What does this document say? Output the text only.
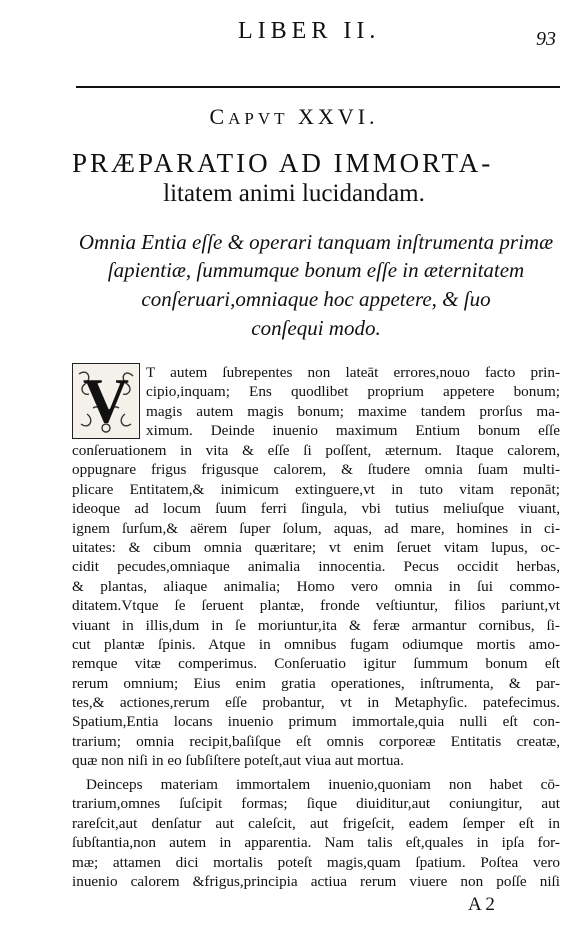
LIBER II.	93
CAPVT XXVI.
PRÆPARATIO AD IMMORTA-
litatem animi lucidandam.
Omnia Entia eſſe & operari tanquam inſtrumenta primæ
ſapientiæ, ſummumque bonum eſſe in æternitatem
conſeruari,omniaque hoc appetere, & ſuo
conſequi modo.
V	T autem ſubrepentes non lateāt errores,nouo facto prin-
cipio,inquam; Ens quodlibet proprium appetere bonum;
magis autem magis bonum; maxime tandem prorſus ma-
ximum. Deinde inuenio maximum Entium bonum eſſe
conſeruationem in vita & eſſe ſi poſſent, æternum. Itaque calorem,
oppugnare frigus frigusque calorem, & ſtudere omnia ſuam multi-
plicare Entitatem,& inimicum extinguere,vt in tuto vitam reponāt;
ideoque ad locum ſuum ferri ſingula, vbi tutius meliuſque viuant,
ignem ſurſum,& aërem ſuper ſolum, aquas, ad mare, homines in ci-
uitates: & cibum omnia quæritare; vt enim ſeruet vitam lupus, oc-
cidit pecudes,omniaque animalia innocentia. Pecus occidit herbas,
& plantas, aliaque animalia; Homo vero omnia in ſui commo-
ditatem.Vtque ſe ſeruent plantæ, fronde veſtiuntur, filios pariunt,vt
viuant in illis,dum in ſe moriuntur,ita & feræ armantur cornibus, ſi-
cut plantæ ſpinis. Atque in omnibus fugam odiumque mortis amo-
remque vitæ comperimus. Conſeruatio igitur ſummum bonum eſt
rerum omnium; Eius enim gratia operationes, inſtrumenta, & par-
tes,& actiones,rerum eſſe probantur, vt in Metaphyſic. patefecimus.
Spatium,Entia locans inuenio primum immortale,quia nulli eſt con-
trarium; omnia recipit,baſiſque eſt omnis corporeæ Entitatis creatæ,
quæ non niſi in eo ſubſiſtere poteſt,aut viua aut mortua.
Deinceps materiam immortalem inuenio,quoniam non habet cō-
trarium,omnes ſuſcipit formas; ſique diuiditur,aut coniungitur, aut
rareſcit,aut denſatur aut caleſcit, aut frigeſcit, eadem ſemper eſt in
ſubſtantia,non autem in apparentia. Nam talis eſt,quales in ipſa for-
mæ; attamen dici mortalis poteſt magis,quam ſpatium. Poſtea vero
inuenio calorem &frigus,principia actiua rerum viuere non poſſe niſi
A 2
